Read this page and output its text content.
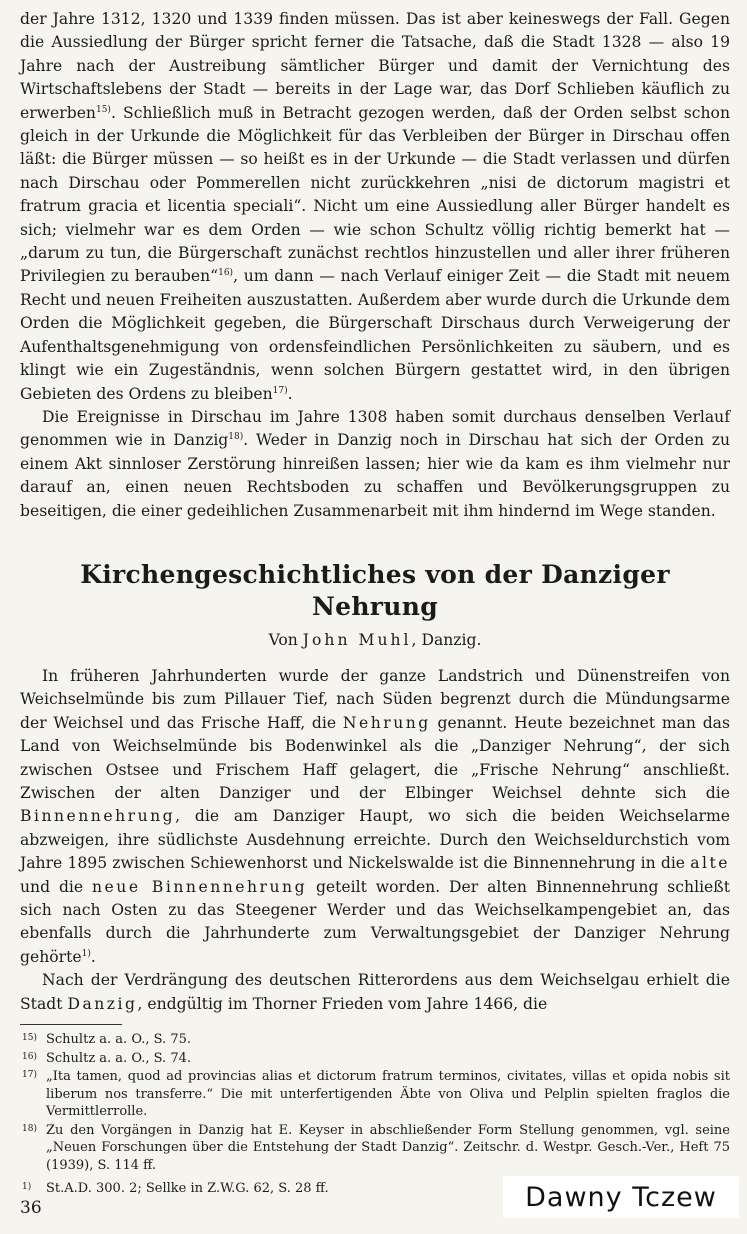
der Jahre 1312, 1320 und 1339 finden müssen. Das ist aber keineswegs der Fall. Gegen die Aussiedlung der Bürger spricht ferner die Tatsache, daß die Stadt 1328 — also 19 Jahre nach der Austreibung sämtlicher Bürger und damit der Vernichtung des Wirtschaftslebens der Stadt — bereits in der Lage war, das Dorf Schlieben käuflich zu erwerben$^{15)}$. Schließlich muß in Betracht gezogen werden, daß der Orden selbst schon gleich in der Urkunde die Möglichkeit für das Verbleiben der Bürger in Dirschau offen läßt: die Bürger müssen — so heißt es in der Urkunde — die Stadt verlassen und dürfen nach Dirschau oder Pommerellen nicht zurückkehren „nisi de dictorum magistri et fratrum gracia et licentia speciali“. Nicht um eine Aussiedlung aller Bürger handelt es sich; vielmehr war es dem Orden — wie schon Schultz völlig richtig bemerkt hat — „darum zu tun, die Bürgerschaft zunächst rechtlos hinzustellen und aller ihrer früheren Privilegien zu berauben“$^{16)}$, um dann — nach Verlauf einiger Zeit — die Stadt mit neuem Recht und neuen Freiheiten auszustatten. Außerdem aber wurde durch die Urkunde dem Orden die Möglichkeit gegeben, die Bürgerschaft Dirschaus durch Verweigerung der Aufenthaltsgenehmigung von ordensfeindlichen Persönlichkeiten zu säubern, und es klingt wie ein Zugeständnis, wenn solchen Bürgern gestattet wird, in den übrigen Gebieten des Ordens zu bleiben$^{17)}$.

Die Ereignisse in Dirschau im Jahre 1308 haben somit durchaus denselben Verlauf genommen wie in Danzig$^{18)}$. Weder in Danzig noch in Dirschau hat sich der Orden zu einem Akt sinnloser Zerstörung hinreißen lassen; hier wie da kam es ihm vielmehr nur darauf an, einen neuen Rechtsboden zu schaffen und Bevölkerungsgruppen zu beseitigen, die einer gedeihlichen Zusammenarbeit mit ihm hindernd im Wege standen.

Kirchengeschichtliches von der Danziger Nehrung
Von John Muhl, Danzig.

In früheren Jahrhunderten wurde der ganze Landstrich und Dünenstreifen von Weichselmünde bis zum Pillauer Tief, nach Süden begrenzt durch die Mündungsarme der Weichsel und das Frische Haff, die Nehrung genannt. Heute bezeichnet man das Land von Weichselmünde bis Bodenwinkel als die „Danziger Nehrung“, der sich zwischen Ostsee und Frischem Haff gelagert, die „Frische Nehrung“ anschließt. Zwischen der alten Danziger und der Elbinger Weichsel dehnte sich die Binnennehrung, die am Danziger Haupt, wo sich die beiden Weichselarme abzweigen, ihre südlichste Ausdehnung erreichte. Durch den Weichseldurchstich vom Jahre 1895 zwischen Schiewenhorst und Nickelswalde ist die Binnennehrung in die alte und die neue Binnennehrung geteilt worden. Der alten Binnennehrung schließt sich nach Osten zu das Steegener Werder und das Weichselkampengebiet an, das ebenfalls durch die Jahrhunderte zum Verwaltungsgebiet der Danziger Nehrung gehörte$^{1)}$.

Nach der Verdrängung des deutschen Ritterordens aus dem Weichselgau erhielt die Stadt Danzig, endgültig im Thorner Frieden vom Jahre 1466, die

15) Schultz a. a. O., S. 75.
16) Schultz a. a. O., S. 74.
17) „Ita tamen, quod ad provincias alias et dictorum fratrum terminos, civitates, villas et opida nobis sit liberum nos transferre.“ Die mit unterfertigenden Äbte von Oliva und Pelplin spielten fraglos die Vermittlerrolle.
18) Zu den Vorgängen in Danzig hat E. Keyser in abschließender Form Stellung genommen, vgl. seine „Neuen Forschungen über die Entstehung der Stadt Danzig“. Zeitschr. d. Westpr. Gesch.-Ver., Heft 75 (1939), S. 114 ff.
1)	St.A.D. 300. 2; Sellke in Z.W.G. 62, S. 28 ff.
36	Dawny Tczew
